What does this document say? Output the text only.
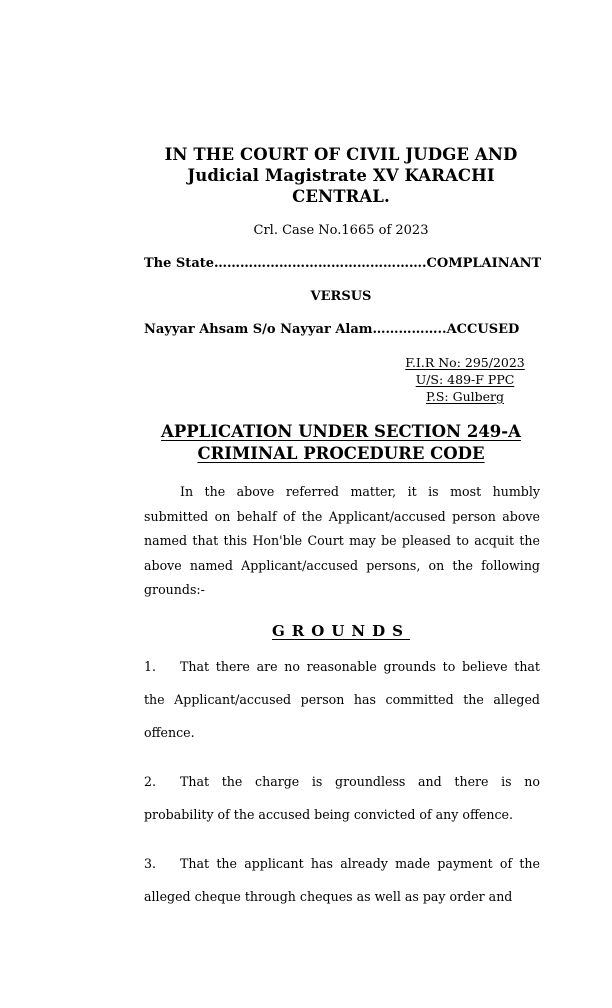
IN THE COURT OF CIVIL JUDGE AND Judicial Magistrate XV KARACHI CENTRAL.
Crl. Case No.1665 of 2023
The State………………………………………….COMPLAINANT
VERSUS
Nayyar Ahsam S/o Nayyar Alam……………..ACCUSED
F.I.R No: 295/2023
U/S: 489-F PPC
P.S: Gulberg
APPLICATION UNDER SECTION 249-A CRIMINAL PROCEDURE CODE
In the above referred matter, it is most humbly submitted on behalf of the Applicant/accused person above named that this Hon'ble Court may be pleased to acquit the above named Applicant/accused persons, on the following grounds:-
GROUNDS
1. That there are no reasonable grounds to believe that the Applicant/accused person has committed the alleged offence.
2. That the charge is groundless and there is no probability of the accused being convicted of any offence.
3. That the applicant has already made payment of the alleged cheque through cheques as well as pay order and
